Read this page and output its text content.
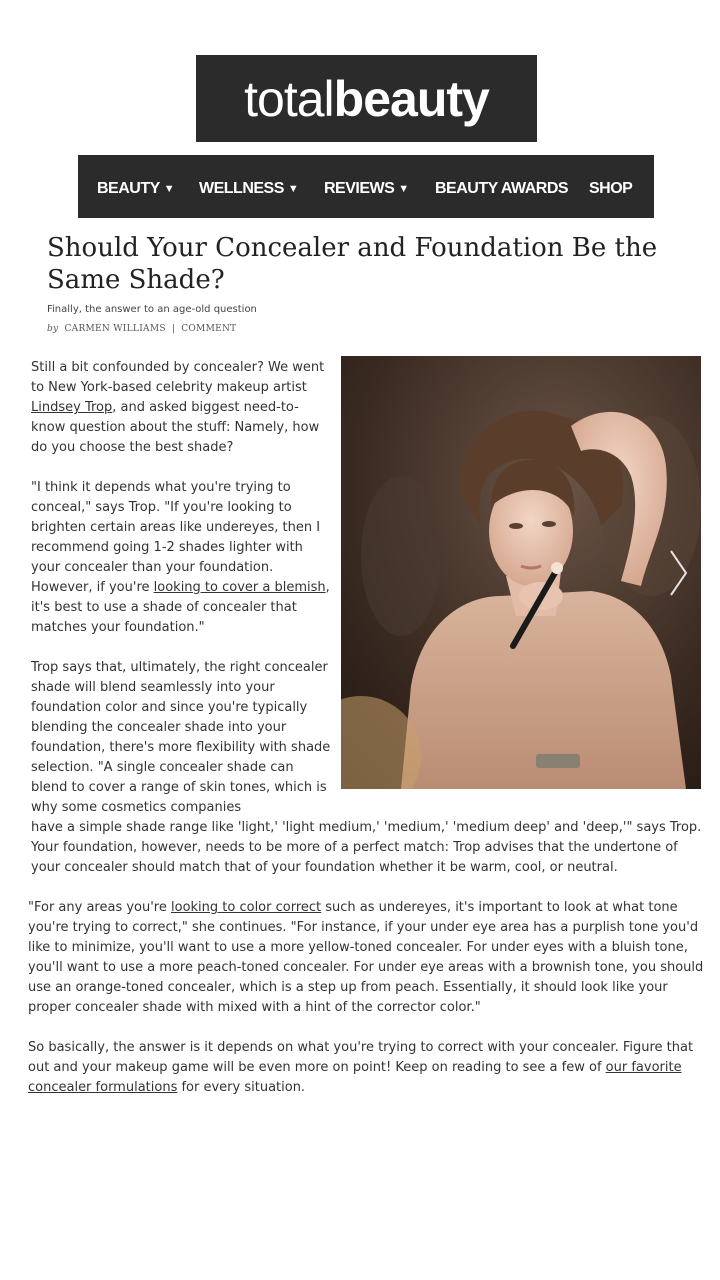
total beauty
BEAUTY ▼ WELLNESS ▼ REVIEWS ▼ BEAUTY AWARDS SHOP
Should Your Concealer and Foundation Be the Same Shade?
Finally, the answer to an age-old question
by CARMEN WILLIAMS | COMMENT

Still a bit confounded by concealer? We went to New York-based celebrity makeup artist Lindsey Trop, and asked biggest need-to-know question about the stuff: Namely, how do you choose the best shade?

"I think it depends what you're trying to conceal," says Trop. "If you're looking to brighten certain areas like undereyes, then I recommend going 1-2 shades lighter with your concealer than your foundation. However, if you're looking to cover a blemish, it's best to use a shade of concealer that matches your foundation."

Trop says that, ultimately, the right concealer shade will blend seamlessly into your foundation color and since you're typically blending the concealer shade into your foundation, there's more flexibility with shade selection. "A single concealer shade can blend to cover a range of skin tones, which is why some cosmetics companies
have a simple shade range like 'light,' 'light medium,' 'medium,' 'medium deep' and 'deep,'" says Trop. Your foundation, however, needs to be more of a perfect match: Trop advises that the undertone of your concealer should match that of your foundation whether it be warm, cool, or neutral.

"For any areas you're looking to color correct such as undereyes, it's important to look at what tone you're trying to correct," she continues. "For instance, if your under eye area has a purplish tone you'd like to minimize, you'll want to use a more yellow-toned concealer. For under eyes with a bluish tone, you'll want to use a more peach-toned concealer. For under eye areas with a brownish tone, you should use an orange-toned concealer, which is a step up from peach. Essentially, it should look like your proper concealer shade with mixed with a hint of the corrector color."

So basically, the answer is it depends on what you're trying to correct with your concealer. Figure that out and your makeup game will be even more on point! Keep on reading to see a few of our favorite concealer formulations for every situation.
